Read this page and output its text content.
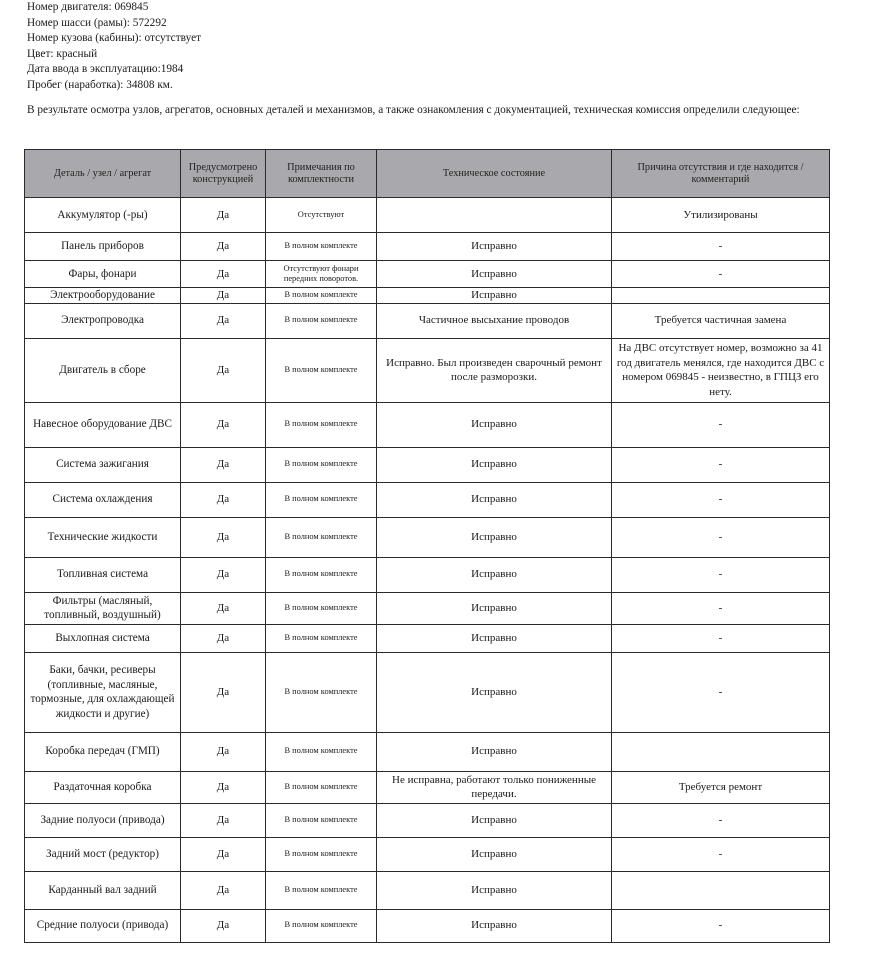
Номер двигателя: 069845
Номер шасси (рамы): 572292
Номер кузова (кабины): отсутствует
Цвет: красный
Дата ввода в эксплуатацию:1984
Пробег (наработка): 34808 км.
В результате осмотра узлов, агрегатов, основных деталей и механизмов, а также ознакомления с документацией, техническая комиссия определили следующее:
Деталь / узел / агрегат	Предусмотрено конструкцией	Примечания по комплектности	Техническое состояние	Причина отсутствия и где находится / комментарий
Аккумулятор (-ры)	Да	Отсутствуют		Утилизированы
Панель приборов	Да	В полном комплекте	Исправно	-
Фары, фонари	Да	Отсутствуют фонари передних поворотов.	Исправно	-
Электрооборудование	Да	В полном комплекте	Исправно	
Электропроводка	Да	В полном комплекте	Частичное высыхание проводов	Требуется частичная замена
Двигатель в сборе	Да	В полном комплекте	Исправно. Был произведен сварочный ремонт после разморозки.	На ДВС отсутствует номер, возможно за 41 год двигатель менялся, где находится ДВС с номером 069845 - неизвестно, в ГПЦЗ его нету.
Навесное оборудование ДВС	Да	В полном комплекте	Исправно	-
Система зажигания	Да	В полном комплекте	Исправно	-
Система охлаждения	Да	В полном комплекте	Исправно	-
Технические жидкости	Да	В полном комплекте	Исправно	-
Топливная система	Да	В полном комплекте	Исправно	-
Фильтры (масляный, топливный, воздушный)	Да	В полном комплекте	Исправно	-
Выхлопная система	Да	В полном комплекте	Исправно	-
Баки, бачки, ресиверы (топливные, масляные, тормозные, для охлаждающей жидкости и другие)	Да	В полном комплекте	Исправно	-
Коробка передач (ГМП)	Да	В полном комплекте	Исправно	
Раздаточная коробка	Да	В полном комплекте	Не исправна, работают только пониженные передачи.	Требуется ремонт
Задние полуоси (привода)	Да	В полном комплекте	Исправно	-
Задний мост (редуктор)	Да	В полном комплекте	Исправно	-
Карданный вал задний	Да	В полном комплекте	Исправно	
Средние полуоси (привода)	Да	В полном комплекте	Исправно	-
